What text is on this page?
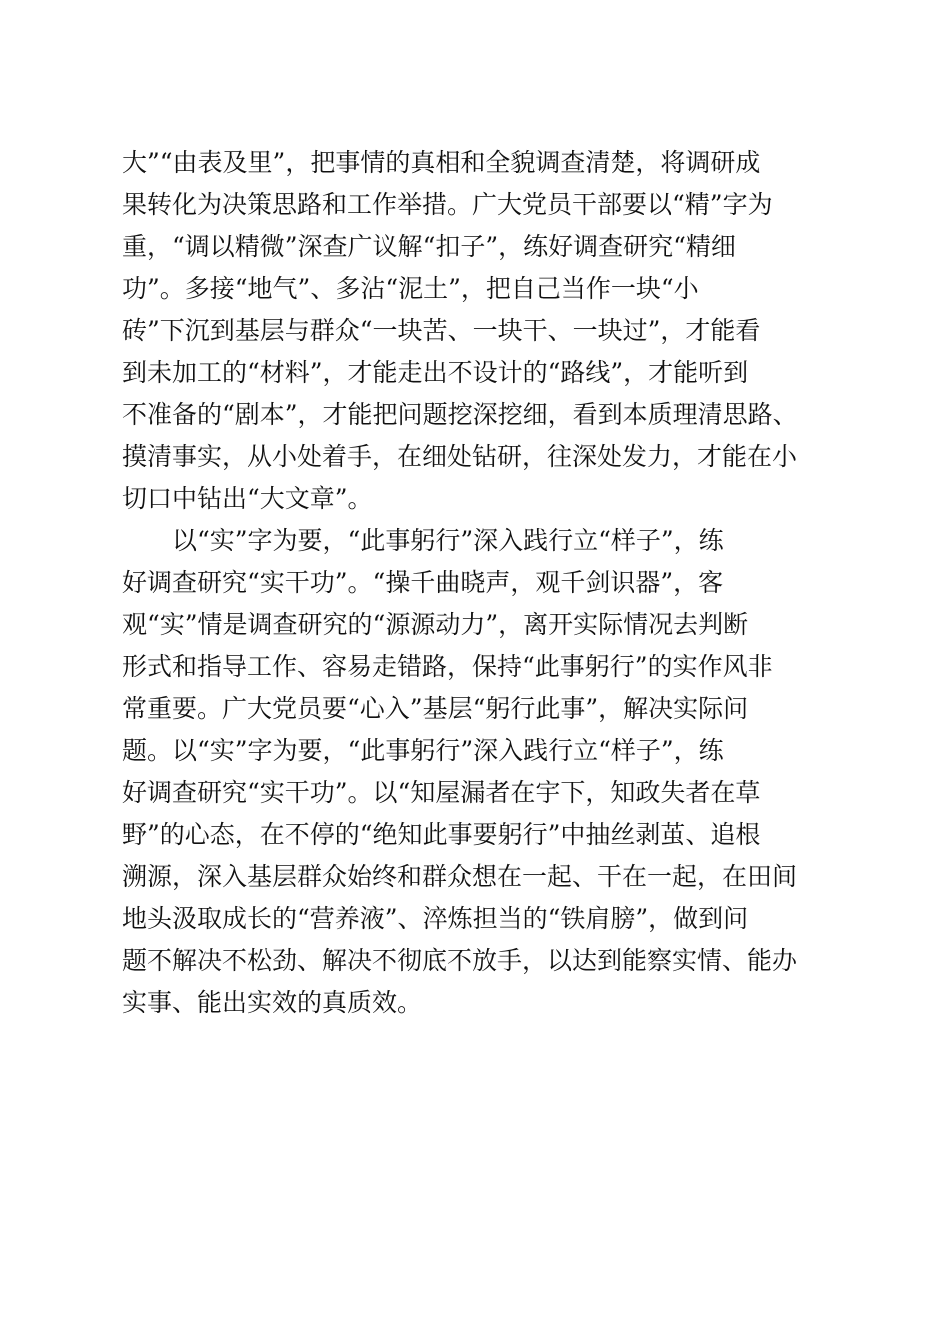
大”“由表及里”，把事情的真相和全貌调查清楚，将调研成
果转化为决策思路和工作举措。广大党员干部要以“精”字为
重，“调以精微”深查广议解“扣子”，练好调查研究“精细
功”。多接“地气”、多沾“泥土”，把自己当作一块“小
砖”下沉到基层与群众“一块苦、一块干、一块过”，才能看
到未加工的“材料”，才能走出不设计的“路线”，才能听到
不准备的“剧本”，才能把问题挖深挖细，看到本质理清思路、
摸清事实，从小处着手，在细处钻研，往深处发力，才能在小
切口中钻出“大文章”。
以“实”字为要，“此事躬行”深入践行立“样子”，练
好调查研究“实干功”。“操千曲晓声，观千剑识器”，客
观“实”情是调查研究的“源源动力”，离开实际情况去判断
形式和指导工作、容易走错路，保持“此事躬行”的实作风非
常重要。广大党员要“心入”基层“躬行此事”，解决实际问
题。以“实”字为要，“此事躬行”深入践行立“样子”，练
好调查研究“实干功”。以“知屋漏者在宇下，知政失者在草
野”的心态，在不停的“绝知此事要躬行”中抽丝剥茧、追根
溯源，深入基层群众始终和群众想在一起、干在一起，在田间
地头汲取成长的“营养液”、淬炼担当的“铁肩膀”，做到问
题不解决不松劲、解决不彻底不放手，以达到能察实情、能办
实事、能出实效的真质效。
